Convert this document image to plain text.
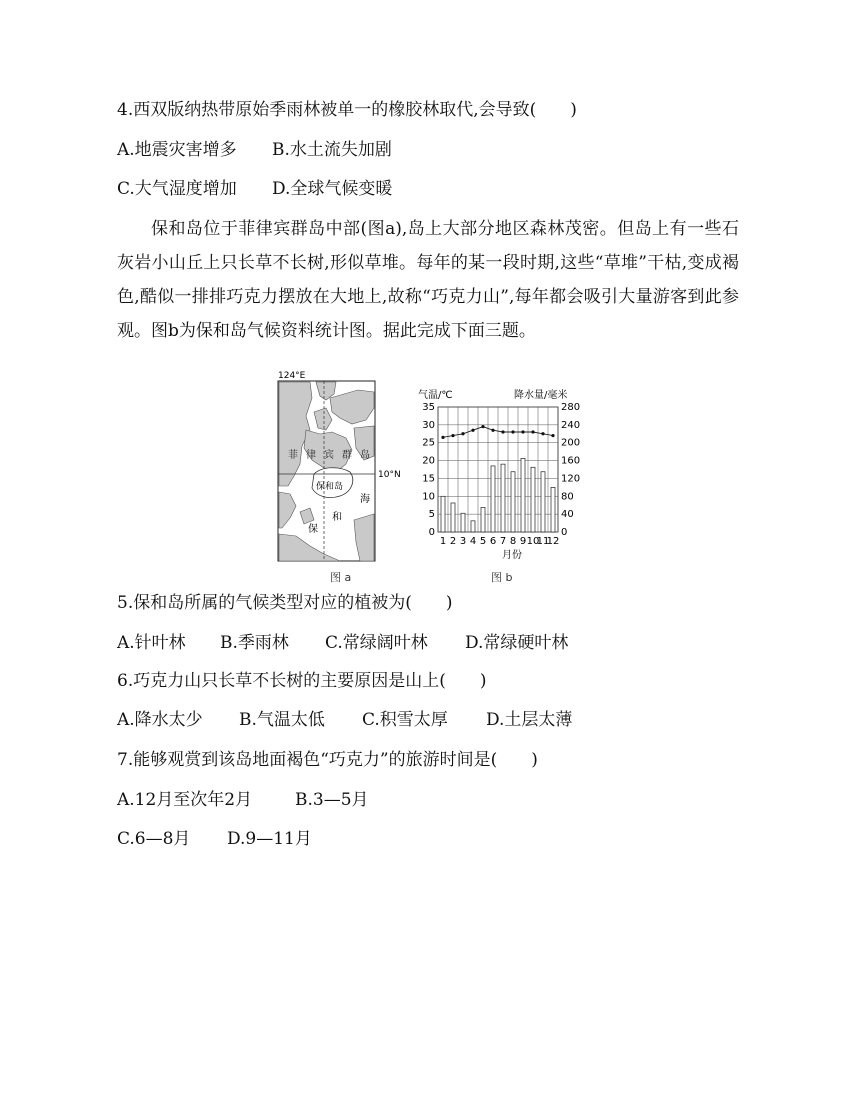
4.西双版纳热带原始季雨林被单一的橡胶林取代,会导致(　　)
A.地震灾害增多 B.水土流失加剧
C.大气湿度增加 D.全球气候变暖

保和岛位于菲律宾群岛中部(图a),岛上大部分地区森林茂密。但岛上有一些石灰岩小山丘上只长草不长树,形似草堆。每年的某一段时期,这些“草堆”干枯,变成褐色,酷似一排排巧克力摆放在大地上,故称“巧克力山”,每年都会吸引大量游客到此参观。图b为保和岛气候资料统计图。据此完成下面三题。

124°E
10°N
菲 律 宾 群 岛
保和岛
保
和
海
图 a
气温/℃	降水量/毫米
月份
0	0
5	40
10	80
15	120
20	160
25	200
30	240
35	280
1 2 3 4 5 6 7 8 9 10
11
12
图 b
5.保和岛所属的气候类型对应的植被为(　　)
A.针叶林 B.季雨林 C.常绿阔叶林 D.常绿硬叶林
6.巧克力山只长草不长树的主要原因是山上(　　)
A.降水太少 B.气温太低 C.积雪太厚 D.土层太薄
7.能够观赏到该岛地面褐色“巧克力”的旅游时间是(　　)
A.12月至次年2月	B.3—5月
C.6—8月 D.9—11月
